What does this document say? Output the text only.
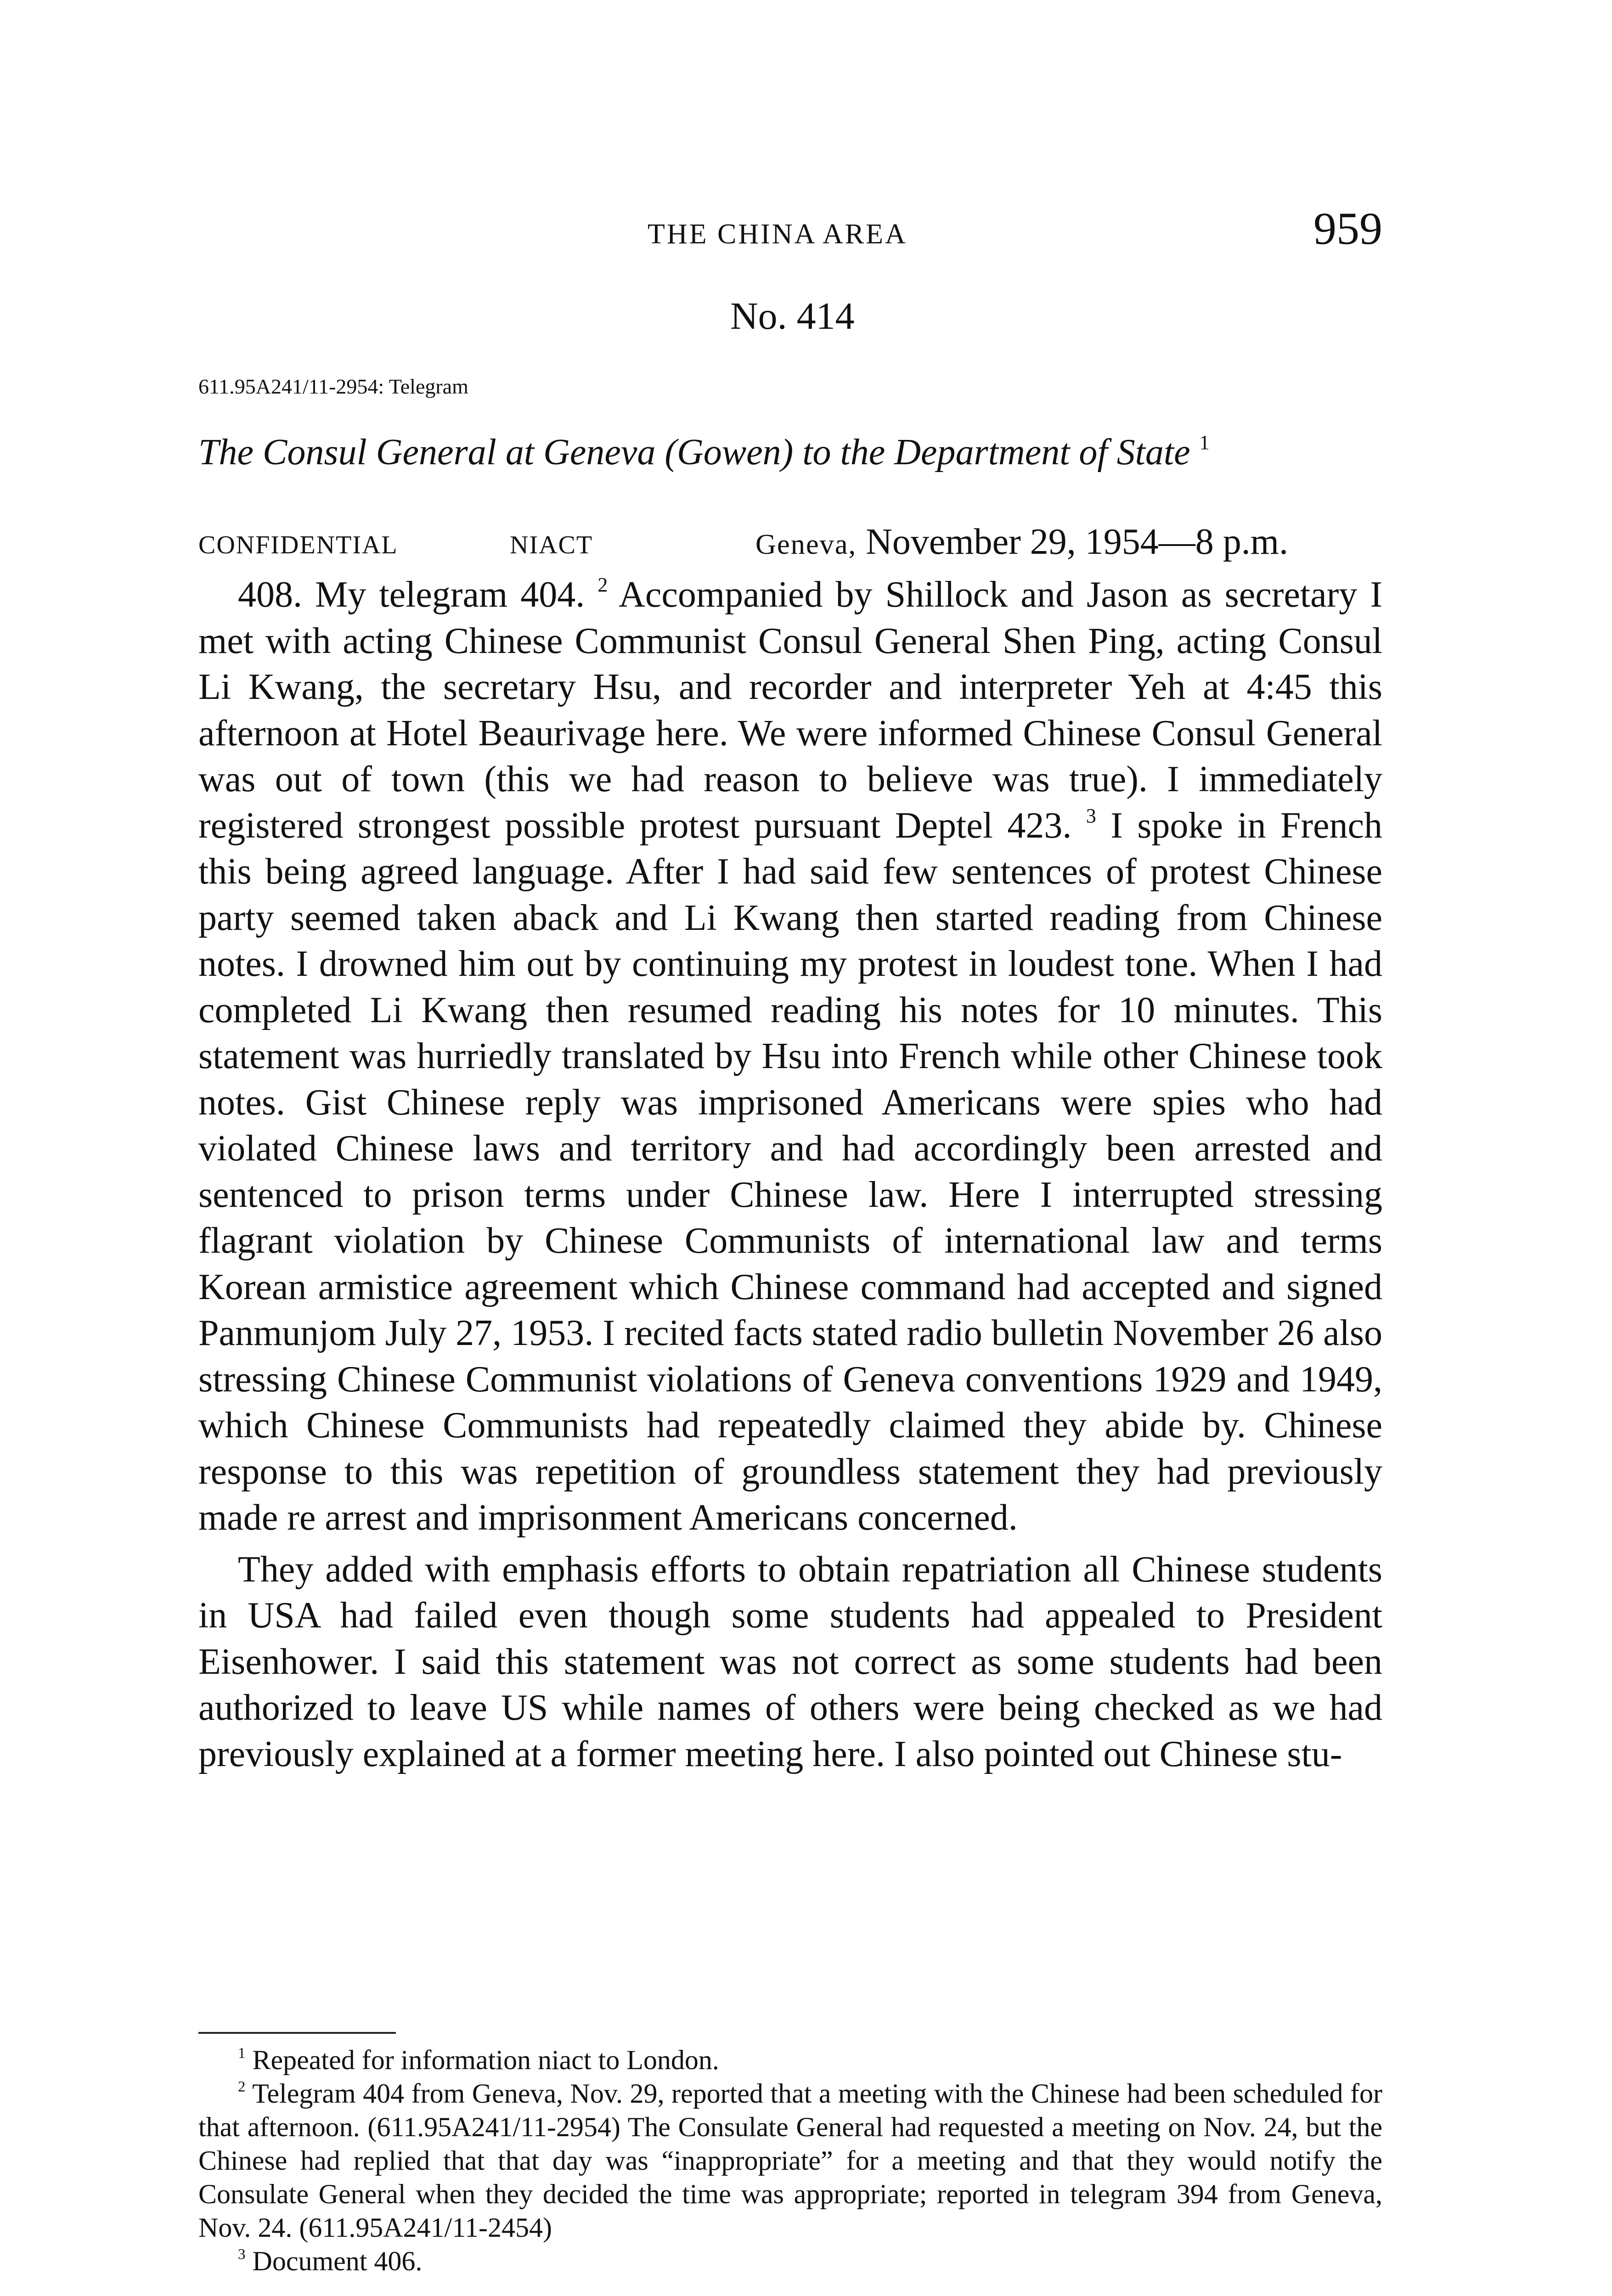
THE CHINA AREA	959
No. 414
611.95A241/11-2954: Telegram
The Consul General at Geneva (Gowen) to the Department of State $^1$
CONFIDENTIAL	NIACT	Geneva, November 29, 1954—8 p.m.

408. My telegram 404. $^2$ Accompanied by Shillock and Jason as secretary I met with acting Chinese Communist Consul General Shen Ping, acting Consul Li Kwang, the secretary Hsu, and recorder and interpreter Yeh at 4:45 this afternoon at Hotel Beaurivage here. We were informed Chinese Consul General was out of town (this we had reason to believe was true). I immediately registered strongest possible protest pursuant Deptel 423. $^3$ I spoke in French this being agreed language. After I had said few sentences of protest Chinese party seemed taken aback and Li Kwang then started reading from Chinese notes. I drowned him out by continuing my protest in loudest tone. When I had completed Li Kwang then resumed reading his notes for 10 minutes. This statement was hurriedly translated by Hsu into French while other Chinese took notes. Gist Chinese reply was imprisoned Americans were spies who had violated Chinese laws and territory and had accordingly been arrested and sentenced to prison terms under Chinese law. Here I interrupted stressing flagrant violation by Chinese Communists of international law and terms Korean armistice agreement which Chinese command had accepted and signed Panmunjom July 27, 1953. I recited facts stated radio bulletin November 26 also stressing Chinese Communist violations of Geneva conventions 1929 and 1949, which Chinese Communists had repeatedly claimed they abide by. Chinese response to this was repetition of groundless statement they had previously made re arrest and imprisonment Americans concerned.

They added with emphasis efforts to obtain repatriation all Chinese students in USA had failed even though some students had appealed to President Eisenhower. I said this statement was not correct as some students had been authorized to leave US while names of others were being checked as we had previously explained at a former meeting here. I also pointed out Chinese stu-

$^1$ Repeated for information niact to London.

$^2$ Telegram 404 from Geneva, Nov. 29, reported that a meeting with the Chinese had been scheduled for that afternoon. (611.95A241/11-2954) The Consulate General had requested a meeting on Nov. 24, but the Chinese had replied that that day was “inappropriate” for a meeting and that they would notify the Consulate General when they decided the time was appropriate; reported in telegram 394 from Geneva, Nov. 24. (611.95A241/11-2454)

$^3$ Document 406.
